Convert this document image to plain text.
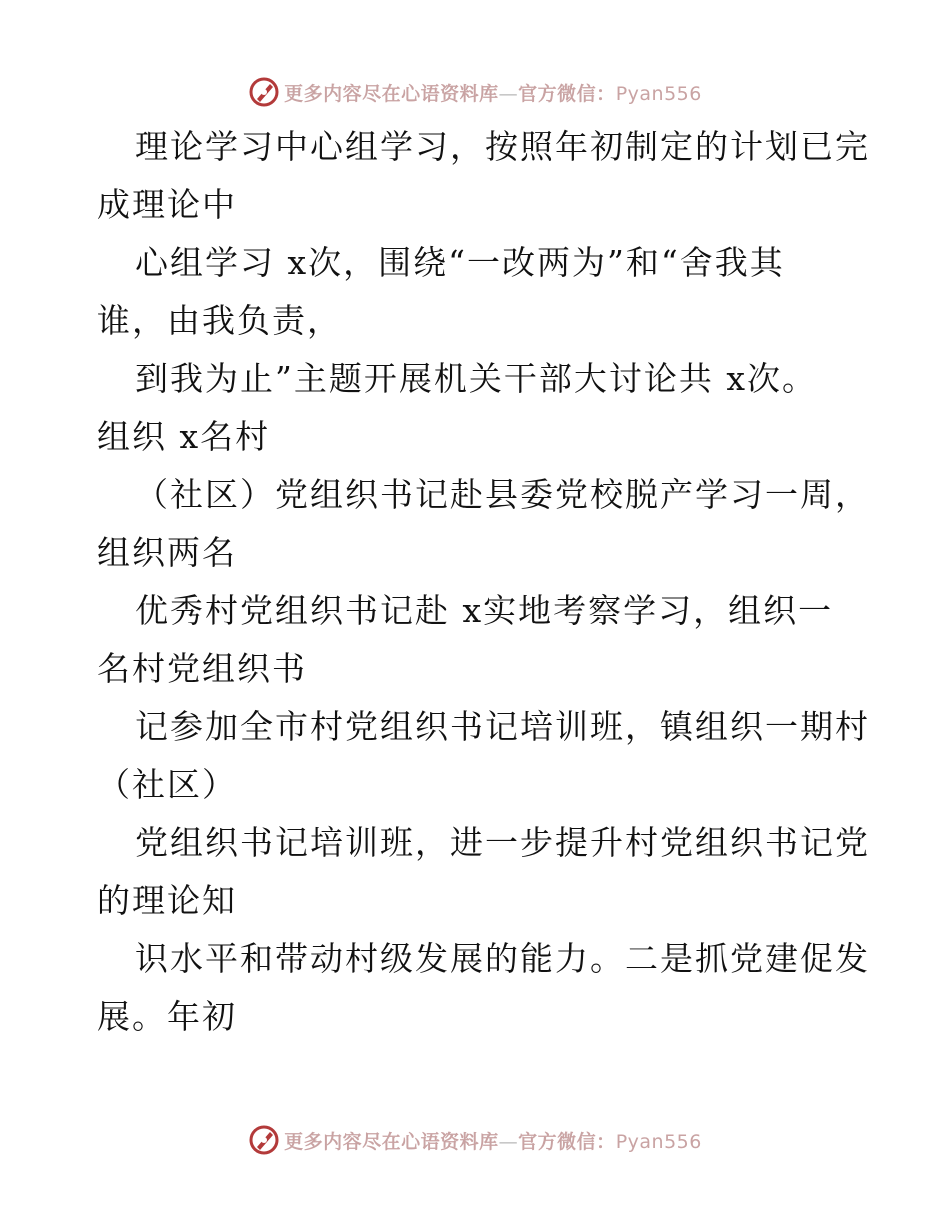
更多内容尽在心语资料库—官方微信：Pyan556
理论学习中心组学习，按照年初制定的计划已完
成理论中
心组学习 x次，围绕“一改两为”和“舍我其
谁，由我负责，
到我为止”主题开展机关干部大讨论共 x次。
组织 x名村
（社区）党组织书记赴县委党校脱产学习一周，
组织两名
优秀村党组织书记赴 x实地考察学习，组织一
名村党组织书
记参加全市村党组织书记培训班，镇组织一期村
（社区）
党组织书记培训班，进一步提升村党组织书记党
的理论知
识水平和带动村级发展的能力。二是抓党建促发
展。年初
更多内容尽在心语资料库—官方微信：Pyan556
